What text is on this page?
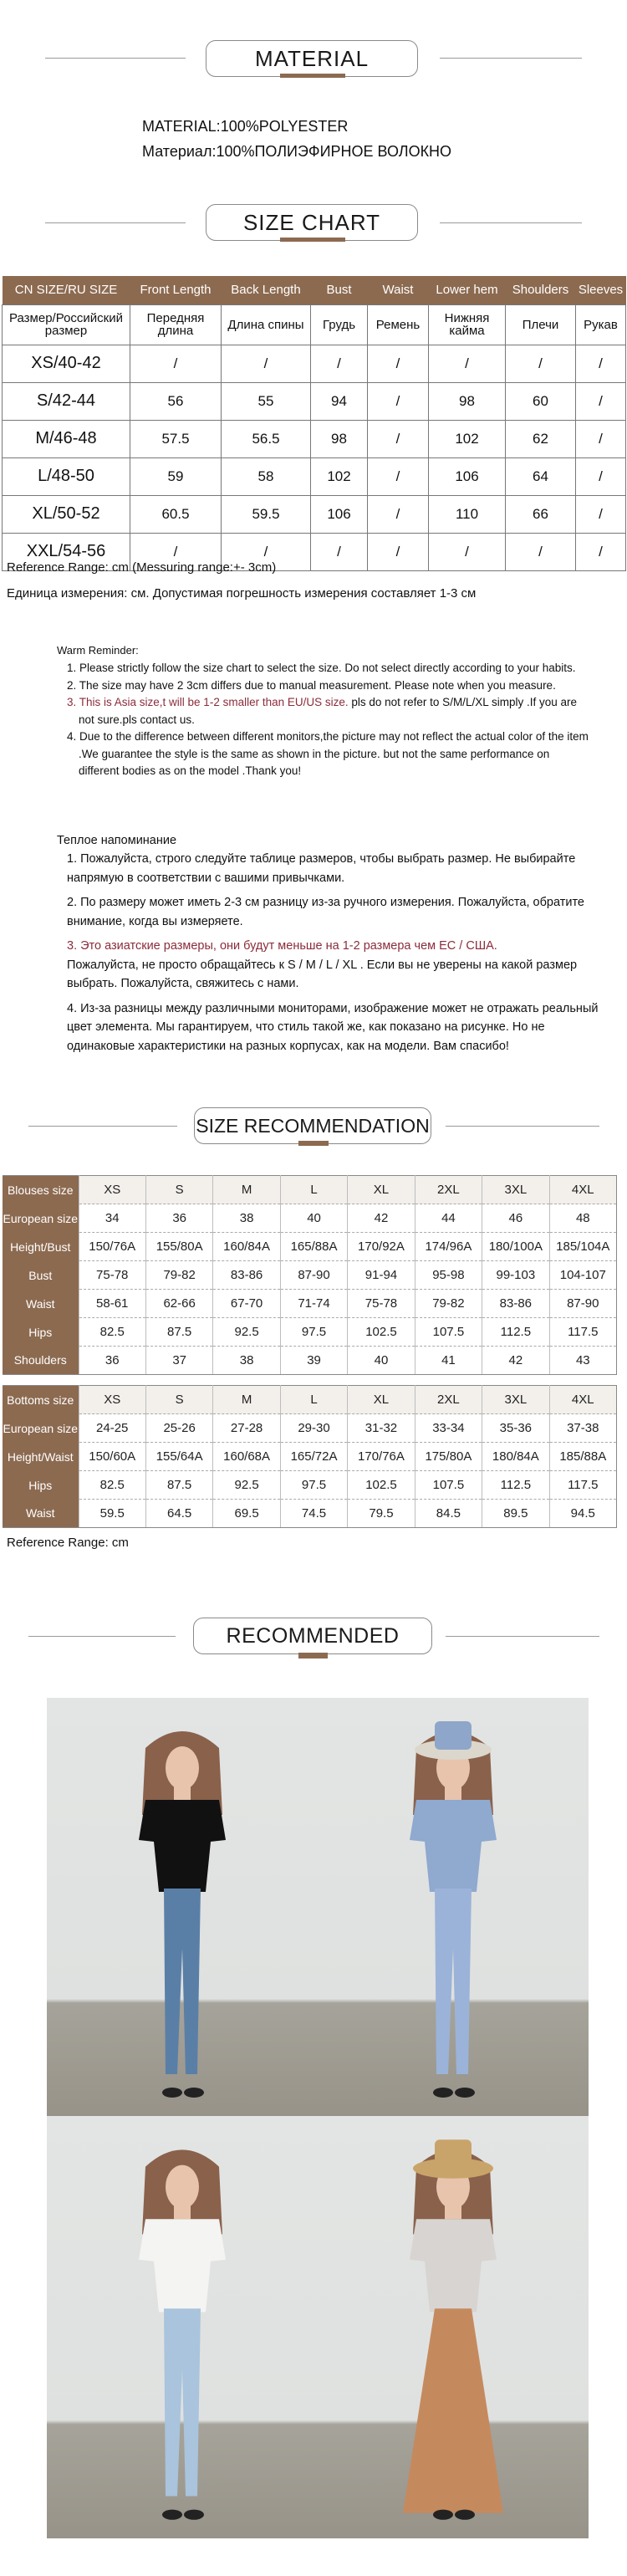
MATERIAL
MATERIAL:100%POLYESTER
Материал:100%ПОЛИЭФИРНОЕ ВОЛОКНО
SIZE CHART
CN SIZE/RU SIZE	Front Length	Back Length	Bust	Waist	Lower hem	Shoulders	Sleeves
Размер/Российский размер	Передняя длина	Длина спины	Грудь	Ремень	Нижняя кайма	Плечи	Рукав
XS/40-42	/	/	/	/	/	/	/
S/42-44	56	55	94	/	98	60	/
M/46-48	57.5	56.5	98	/	102	62	/
L/48-50	59	58	102	/	106	64	/
XL/50-52	60.5	59.5	106	/	110	66	/
XXL/54-56	/	/	/	/	/	/	/
Reference Range: cm (Messuring range:+- 3cm)
Единица измерения: см. Допустимая погрешность измерения составляет 1-3 см
Warm Reminder:
1. Please strictly follow the size chart to select the size. Do not select directly according to your habits.
2. The size may have 2 3cm differs due to manual measurement. Please note when you measure.
3. This is Asia size,t will be 1-2 smaller than EU/US size. pls do not refer to S/M/L/XL simply .If you are not sure.pls contact us.
4. Due to the difference between different monitors,the picture may not reflect the actual color of the item .We guarantee the style is the same as shown in the picture. but not the same performance on different bodies as on the model .Thank you!
Теплое напоминание

1. Пожалуйста, строго следуйте таблице размеров, чтобы выбрать размер. Не выбирайте напрямую в соответствии с вашими привычками.

2. По размеру может иметь 2-3 см разницу из-за ручного измерения. Пожалуйста, обратите внимание, когда вы измеряете.

3. Это азиатские размеры, они будут меньше на 1-2 размера чем ЕС / США.
Пожалуйста, не просто обращайтесь к S / M / L / XL . Если вы не уверены на какой размер выбрать. Пожалуйста, свяжитесь с нами.

4. Из-за разницы между различными мониторами, изображение может не отражать реальный цвет элемента. Мы гарантируем, что стиль такой же, как показано на рисунке. Но не одинаковые характеристики на разных корпусах, как на модели. Вам спасибо!

SIZE RECOMMENDATION
Blouses size	XS	S	M	L	XL	2XL	3XL	4XL
European size	34	36	38	40	42	44	46	48
Height/Bust	150/76A	155/80A	160/84A	165/88A	170/92A	174/96A	180/100A	185/104A
Bust	75-78	79-82	83-86	87-90	91-94	95-98	99-103	104-107
Waist	58-61	62-66	67-70	71-74	75-78	79-82	83-86	87-90
Hips	82.5	87.5	92.5	97.5	102.5	107.5	112.5	117.5
Shoulders	36	37	38	39	40	41	42	43
Bottoms size	XS	S	M	L	XL	2XL	3XL	4XL
European size	24-25	25-26	27-28	29-30	31-32	33-34	35-36	37-38
Height/Waist	150/60A	155/64A	160/68A	165/72A	170/76A	175/80A	180/84A	185/88A
Hips	82.5	87.5	92.5	97.5	102.5	107.5	112.5	117.5
Waist	59.5	64.5	69.5	74.5	79.5	84.5	89.5	94.5
Reference Range: cm
RECOMMENDED
